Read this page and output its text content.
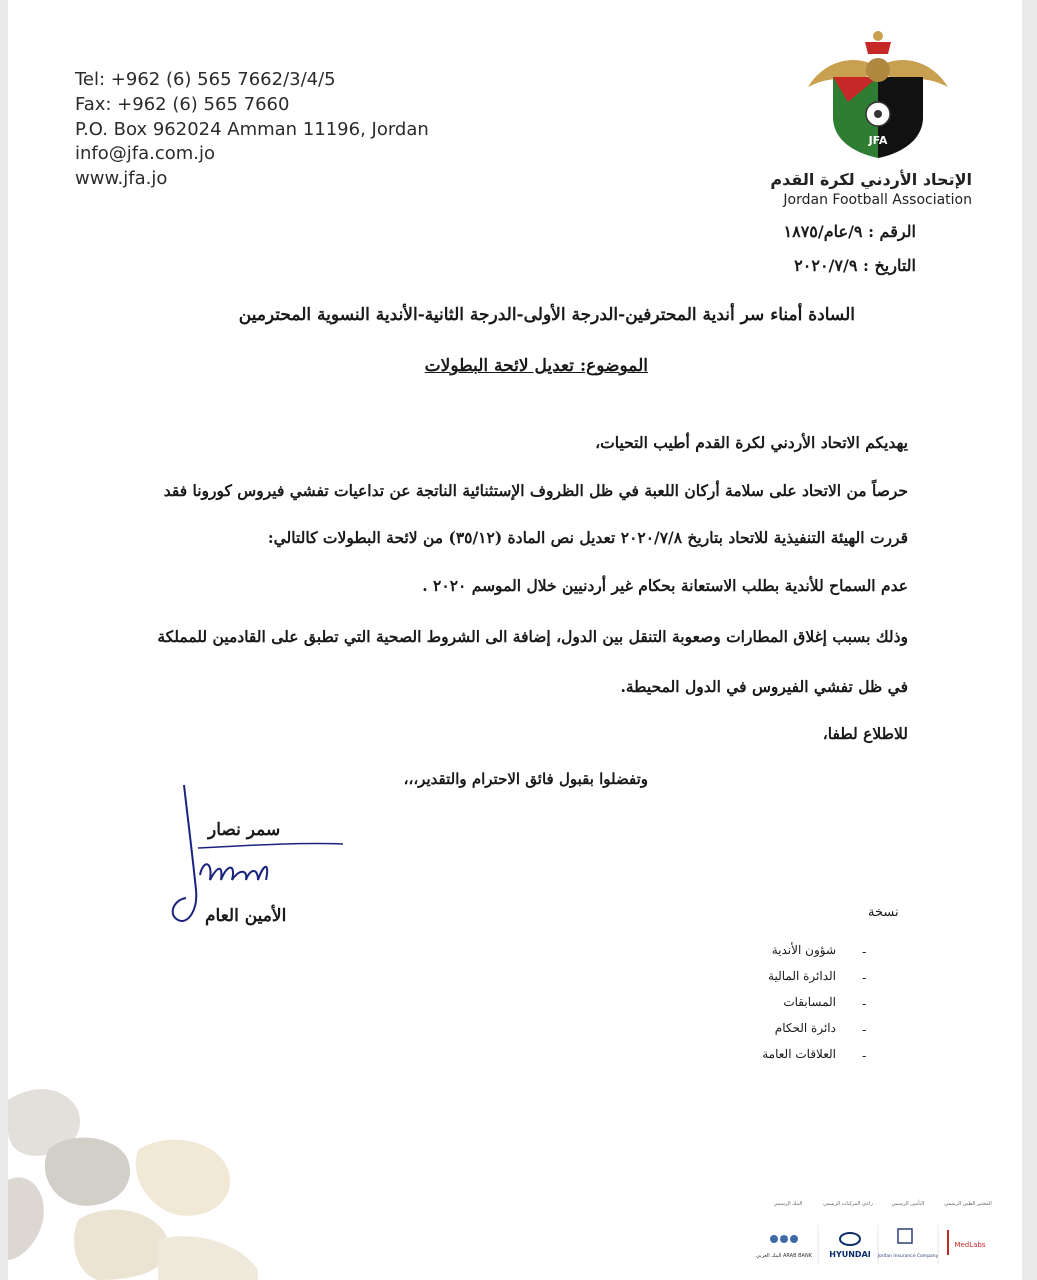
Tel: +962 (6) 565 7662/3/4/5
Fax: +962 (6) 565 7660
P.O. Box 962024 Amman 11196, Jordan
info@jfa.com.jo
www.jfa.jo
JFA
الإتحاد الأردني لكرة القدم
Jordan Football Association
الرقم : ٩/عام/١٨٧٥
التاريخ : ٢٠٢٠/٧/٩
السادة أمناء سر أندية المحترفين-الدرجة الأولى-الدرجة الثانية-الأندية النسوية المحترمين
الموضوع: تعديل لائحة البطولات
يهديكم الاتحاد الأردني لكرة القدم أطيب التحيات،
حرصاً من الاتحاد على سلامة أركان اللعبة في ظل الظروف الإستثنائية الناتجة عن تداعيات تفشي فيروس كورونا فقد
قررت الهيئة التنفيذية للاتحاد بتاريخ ٢٠٢٠/٧/٨ تعديل نص المادة (٣٥/١٢) من لائحة البطولات كالتالي:
عدم السماح للأندية بطلب الاستعانة بحكام غير أردنيين خلال الموسم ٢٠٢٠ .
وذلك بسبب إغلاق المطارات وصعوبة التنقل بين الدول، إضافة الى الشروط الصحية التي تطبق على القادمين للمملكة
في ظل تفشي الفيروس في الدول المحيطة.
للاطلاع لطفا،
وتفضلوا بقبول فائق الاحترام والتقدير،،،
سمر نصار
الأمين العام	نسخة
شؤون الأندية
الدائرة المالية
المسابقات
دائرة الحكام
العلاقات العامة
-
-
-
-
-
البنك الرسمي	راعي المركبات الرسمي	التأمين الرسمي	المختبر الطبي الرسمي
البنك العربي ARAB BANK HYUNDAI Jordan Insurance Company
MedLabs
